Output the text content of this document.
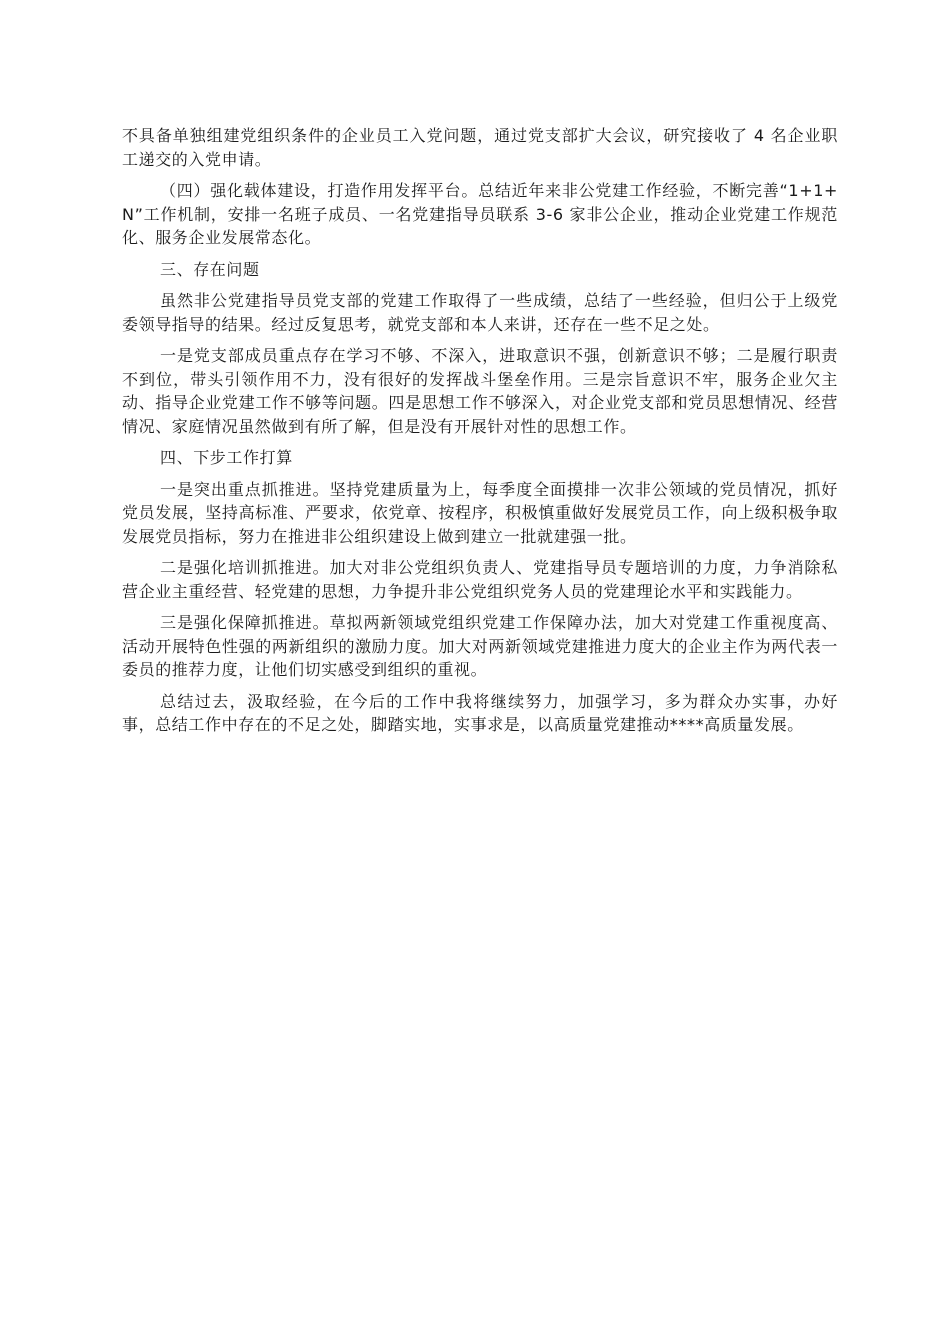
不具备单独组建党组织条件的企业员工入党问题，通过党支部扩大会议，研究接收了 4 名企业职工递交的入党申请。

（四）强化载体建设，打造作用发挥平台。总结近年来非公党建工作经验，不断完善“1+1+N”工作机制，安排一名班子成员、一名党建指导员联系 3-6 家非公企业，推动企业党建工作规范化、服务企业发展常态化。

三、存在问题

虽然非公党建指导员党支部的党建工作取得了一些成绩，总结了一些经验，但归公于上级党委领导指导的结果。经过反复思考，就党支部和本人来讲，还存在一些不足之处。

一是党支部成员重点存在学习不够、不深入，进取意识不强，创新意识不够；二是履行职责不到位，带头引领作用不力，没有很好的发挥战斗堡垒作用。三是宗旨意识不牢，服务企业欠主动、指导企业党建工作不够等问题。四是思想工作不够深入，对企业党支部和党员思想情况、经营情况、家庭情况虽然做到有所了解，但是没有开展针对性的思想工作。

四、下步工作打算

一是突出重点抓推进。坚持党建质量为上，每季度全面摸排一次非公领域的党员情况，抓好党员发展，坚持高标准、严要求，依党章、按程序，积极慎重做好发展党员工作，向上级积极争取发展党员指标，努力在推进非公组织建设上做到建立一批就建强一批。

二是强化培训抓推进。加大对非公党组织负责人、党建指导员专题培训的力度，力争消除私营企业主重经营、轻党建的思想，力争提升非公党组织党务人员的党建理论水平和实践能力。

三是强化保障抓推进。草拟两新领域党组织党建工作保障办法，加大对党建工作重视度高、活动开展特色性强的两新组织的激励力度。加大对两新领域党建推进力度大的企业主作为两代表一委员的推荐力度，让他们切实感受到组织的重视。

总结过去，汲取经验，在今后的工作中我将继续努力，加强学习，多为群众办实事，办好事，总结工作中存在的不足之处，脚踏实地，实事求是，以高质量党建推动****高质量发展。
